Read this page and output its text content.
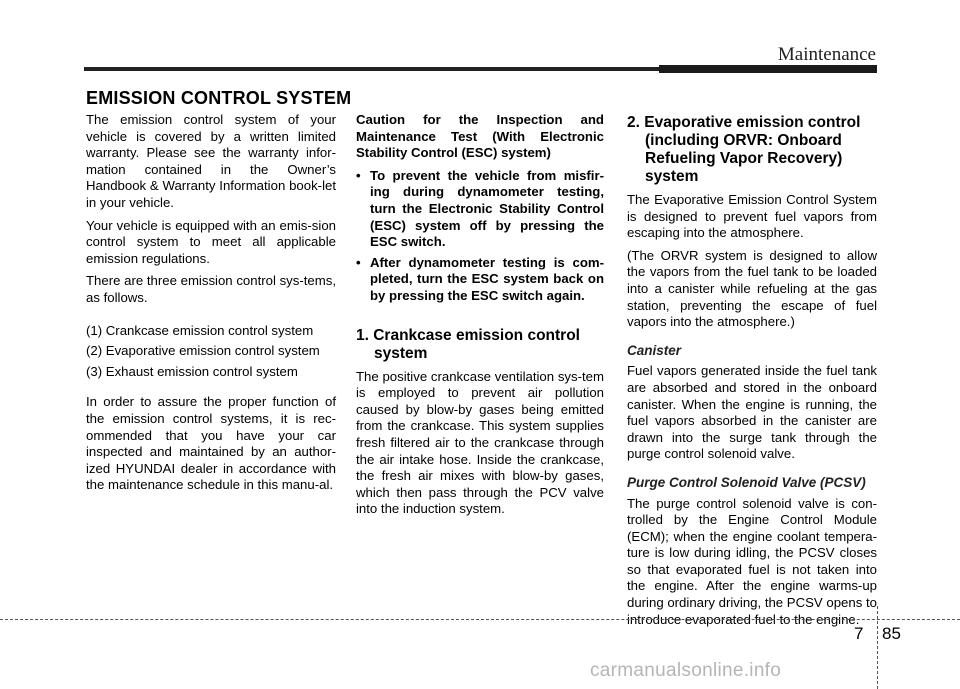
Maintenance
EMISSION CONTROL SYSTEM

The emission control system of your vehicle is covered by a written limited warranty. Please see the warranty infor-mation contained in the Owner’s Handbook & Warranty Information book-let in your vehicle.

Your vehicle is equipped with an emis-sion control system to meet all applicable emission regulations.

There are three emission control sys-tems, as follows.

(1) Crankcase emission control system

(2) Evaporative emission control system

(3) Exhaust emission control system

In order to assure the proper function of the emission control systems, it is rec-ommended that you have your car inspected and maintained by an author-ized HYUNDAI dealer in accordance with the maintenance schedule in this manu-al.

Caution for the Inspection and Maintenance Test (With Electronic Stability Control (ESC) system)

• To prevent the vehicle from misfir-ing during dynamometer testing, turn the Electronic Stability Control (ESC) system off by pressing the ESC switch.
• After dynamometer testing is com-pleted, turn the ESC system back on by pressing the ESC switch again.
1. Crankcase emission control system

The positive crankcase ventilation sys-tem is employed to prevent air pollution caused by blow-by gases being emitted from the crankcase. This system supplies fresh filtered air to the crankcase through the air intake hose. Inside the crankcase, the fresh air mixes with blow-by gases, which then pass through the PCV valve into the induction system.

2. Evaporative emission control (including ORVR: Onboard Refueling Vapor Recovery) system

The Evaporative Emission Control System is designed to prevent fuel vapors from escaping into the atmosphere.

(The ORVR system is designed to allow the vapors from the fuel tank to be loaded into a canister while refueling at the gas station, preventing the escape of fuel vapors into the atmosphere.)

Canister

Fuel vapors generated inside the fuel tank are absorbed and stored in the onboard canister. When the engine is running, the fuel vapors absorbed in the canister are drawn into the surge tank through the purge control solenoid valve.

Purge Control Solenoid Valve (PCSV)

The purge control solenoid valve is con-trolled by the Engine Control Module (ECM); when the engine coolant tempera-ture is low during idling, the PCSV closes so that evaporated fuel is not taken into the engine. After the engine warms-up during ordinary driving, the PCSV opens to introduce evaporated fuel to the engine.

7 85
carmanualsonline.info
